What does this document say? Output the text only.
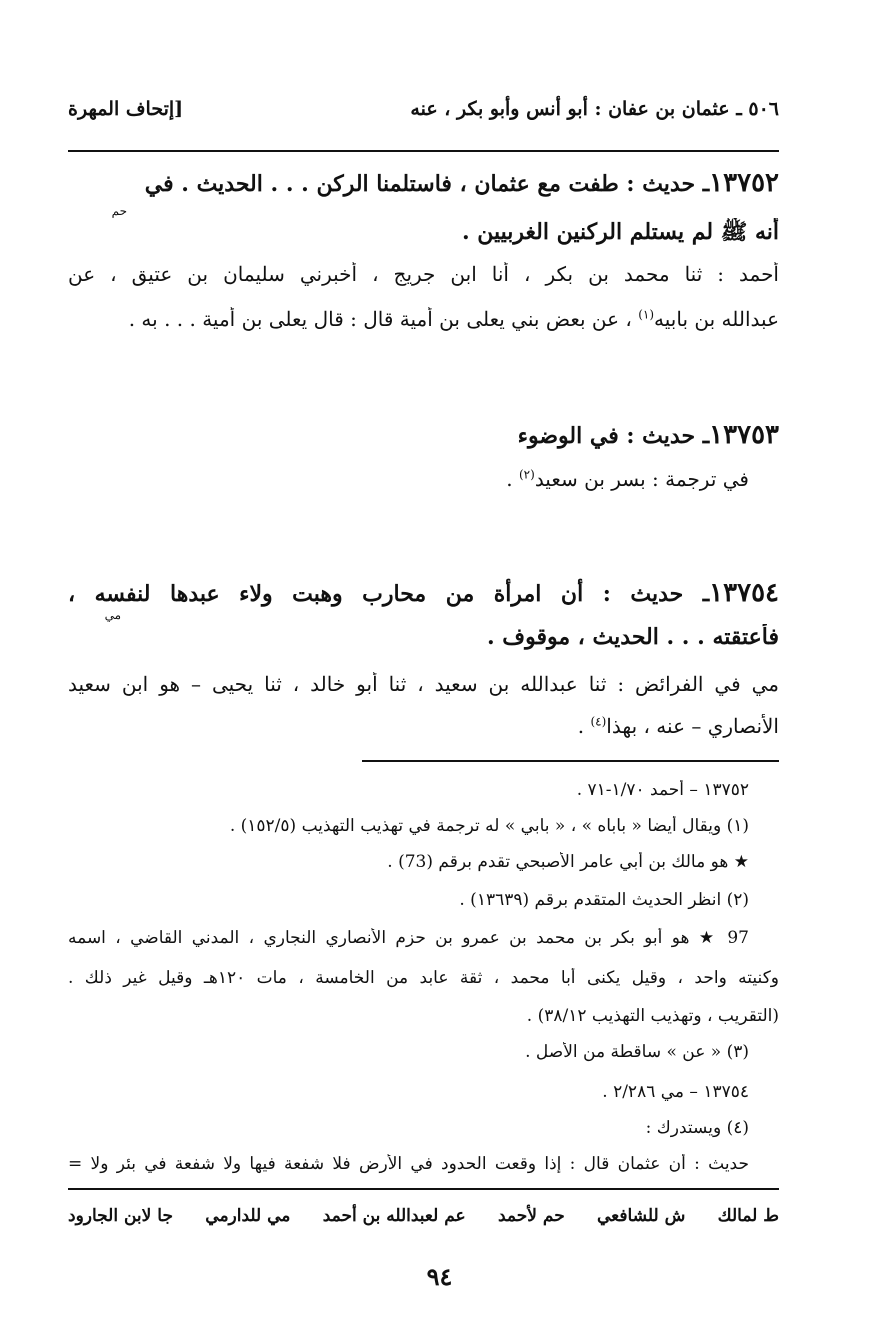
٥٠٦ ـ عثمان بن عفان : أبو أنس وأبو بكر ، عنه
[إتحاف المهرة
١٣٧٥٢ـ حديث : طفت مع عثمان ، فاستلمنا الركن . . . الحديث . في
حم
أنه ﷺ لم يستلم الركنين الغربيين .
أحمد : ثنا محمد بن بكر ، أنا ابن جريج ، أخبرني سليمان بن عتيق ، عن
عبدالله بن بابيه$^{(١)}$ ، عن بعض بني يعلى بن أمية قال : قال يعلى بن أمية . . . به .
١٣٧٥٣ـ حديث : في الوضوء
في ترجمة : بسر بن سعيد$^{(٢)}$ .
١٣٧٥٤ـ حديث : أن امرأة من محارب وهبت ولاء عبدها لنفسه ،
مي
فأعتقته . . . الحديث ، موقوف .
مي في الفرائض : ثنا عبدالله بن سعيد ، ثنا أبو خالد ، ثنا يحيى – هو ابن سعيد
الأنصاري – عنه ، بهذا$^{(٤)}$ .
١٣٧٥٢ – أحمد ١/٧٠-٧١ .
(١) ويقال أيضا « باباه » ، « بابي » له ترجمة في تهذيب التهذيب (١٥٢/٥) .
★ هو مالك بن أبي عامر الأصبحي تقدم برقم (73) .
(٢) انظر الحديث المتقدم برقم (١٣٦٣٩) .
97 ★ هو أبو بكر بن محمد بن عمرو بن حزم الأنصاري النجاري ، المدني القاضي ، اسمه
وكنيته واحد ، وقيل يكنى أبا محمد ، ثقة عابد من الخامسة ، مات ١٢٠هـ وقيل غير ذلك .
(التقريب ، وتهذيب التهذيب ٣٨/١٢) .
(٣) « عن » ساقطة من الأصل .
١٣٧٥٤ – مي ٢/٢٨٦ .
(٤) ويستدرك :
حديث : أن عثمان قال : إذا وقعت الحدود في الأرض فلا شفعة فيها ولا شفعة في بئر ولا =
ط لمالك
ش للشافعي
حم لأحمد
عم لعبدالله بن أحمد
مي للدارمي
جا لابن الجارود
٩٤
